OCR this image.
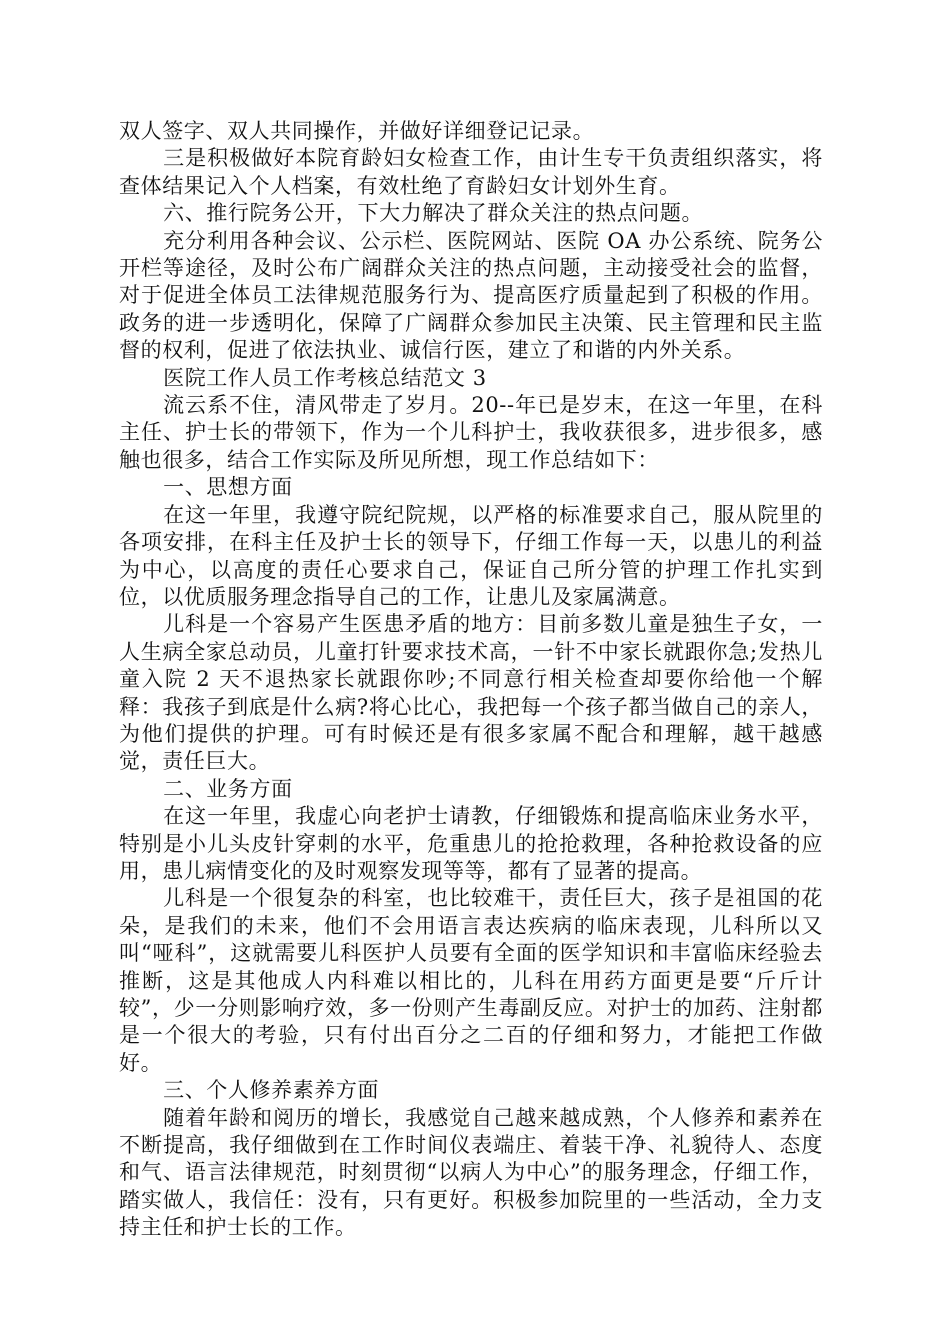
双人签字、双人共同操作，并做好详细登记记录。

三是积极做好本院育龄妇女检查工作，由计生专干负责组织落实，将查体结果记入个人档案，有效杜绝了育龄妇女计划外生育。

六、推行院务公开，下大力解决了群众关注的热点问题。

充分利用各种会议、公示栏、医院网站、医院 OA 办公系统、院务公开栏等途径，及时公布广阔群众关注的热点问题，主动接受社会的监督，对于促进全体员工法律规范服务行为、提高医疗质量起到了积极的作用。政务的进一步透明化，保障了广阔群众参加民主决策、民主管理和民主监督的权利，促进了依法执业、诚信行医，建立了和谐的内外关系。

医院工作人员工作考核总结范文 3

流云系不住，清风带走了岁月。20--年已是岁末，在这一年里，在科主任、护士长的带领下，作为一个儿科护士，我收获很多，进步很多，感触也很多，结合工作实际及所见所想，现工作总结如下：

一、思想方面

在这一年里，我遵守院纪院规，以严格的标准要求自己，服从院里的各项安排，在科主任及护士长的领导下，仔细工作每一天，以患儿的利益为中心，以高度的责任心要求自己，保证自己所分管的护理工作扎实到位，以优质服务理念指导自己的工作，让患儿及家属满意。

儿科是一个容易产生医患矛盾的地方：目前多数儿童是独生子女，一人生病全家总动员，儿童打针要求技术高，一针不中家长就跟你急;发热儿童入院 2 天不退热家长就跟你吵;不同意行相关检查却要你给他一个解释：我孩子到底是什么病?将心比心，我把每一个孩子都当做自己的亲人，为他们提供的护理。可有时候还是有很多家属不配合和理解，越干越感觉，责任巨大。

二、业务方面

在这一年里，我虚心向老护士请教，仔细锻炼和提高临床业务水平，特别是小儿头皮针穿刺的水平，危重患儿的抢抢救理，各种抢救设备的应用，患儿病情变化的及时观察发现等等，都有了显著的提高。

儿科是一个很复杂的科室，也比较难干，责任巨大，孩子是祖国的花朵，是我们的未来，他们不会用语言表达疾病的临床表现，儿科所以又叫“哑科”，这就需要儿科医护人员要有全面的医学知识和丰富临床经验去推断，这是其他成人内科难以相比的，儿科在用药方面更是要“斤斤计较”，少一分则影响疗效，多一份则产生毒副反应。对护士的加药、注射都是一个很大的考验，只有付出百分之二百的仔细和努力，才能把工作做好。

三、个人修养素养方面

随着年龄和阅历的增长，我感觉自己越来越成熟，个人修养和素养在不断提高，我仔细做到在工作时间仪表端庄、着装干净、礼貌待人、态度和气、语言法律规范，时刻贯彻“以病人为中心”的服务理念，仔细工作，踏实做人，我信任：没有，只有更好。积极参加院里的一些活动，全力支持主任和护士长的工作。
